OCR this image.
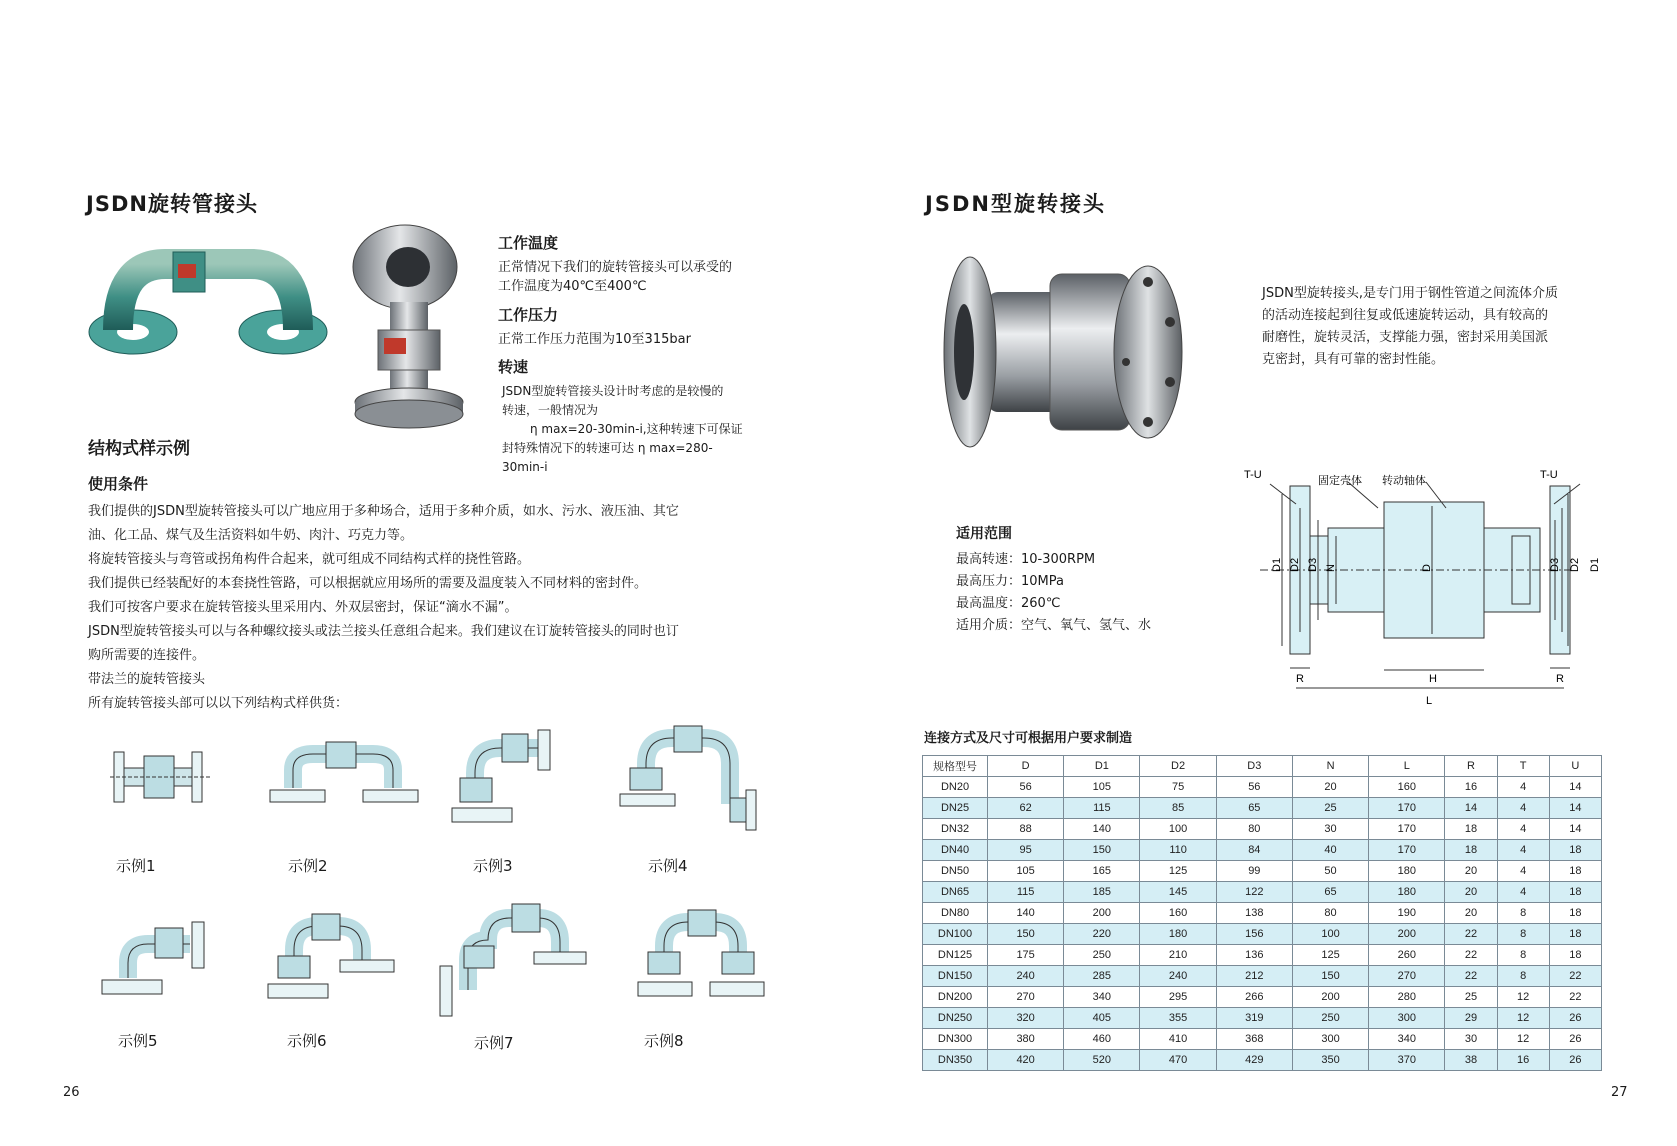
JSDN旋转管接头
工作温度
正常情况下我们的旋转管接头可以承受的
工作温度为40℃至400℃
工作压力
正常工作压力范围为10至315bar
转速
JSDN型旋转管接头设计时考虑的是较慢的
转速，一般情况为
η max=20-30min-i,这种转速下可保证
封特殊情况下的转速可达 η max=280-
30min-i
结构式样示例
使用条件
我们提供的JSDN型旋转管接头可以广地应用于多种场合，适用于多种介质，如水、污水、液压油、其它
油、化工品、煤气及生活资料如牛奶、肉汁、巧克力等。
将旋转管接头与弯管或拐角构件合起来，就可组成不同结构式样的挠性管路。
我们提供已经装配好的本套挠性管路，可以根据就应用场所的需要及温度装入不同材料的密封件。
我们可按客户要求在旋转管接头里采用内、外双层密封，保证“滴水不漏”。
JSDN型旋转管接头可以与各种螺纹接头或法兰接头任意组合起来。我们建议在订旋转管接头的同时也订
购所需要的连接件。
带法兰的旋转管接头
所有旋转管接头部可以以下列结构式样供货：
示例1	示例2	示例3	示例4
示例5	示例6	示例7	示例8
26
JSDN型旋转接头
JSDN型旋转接头,是专门用于钢性管道之间流体介质
的活动连接起到往复或低速旋转运动，具有较高的
耐磨性，旋转灵活，支撑能力强，密封采用美国派
克密封，具有可靠的密封性能。
适用范围
最高转速：10-300RPM
最高压力：10MPa
最高温度：260℃
适用介质：空气、氧气、氢气、水
T-U	T-U
固定壳体 转动轴体
D1 D2 D3 N	D	D3 D2 D1
R	H	R
L
连接方式及尺寸可根据用户要求制造
规格型号	D	D1	D2	D3	N	L	R	T	U
DN20	56	105	75	56	20	160	16	4	14
DN25	62	115	85	65	25	170	14	4	14
DN32	88	140	100	80	30	170	18	4	14
DN40	95	150	110	84	40	170	18	4	18
DN50	105	165	125	99	50	180	20	4	18
DN65	115	185	145	122	65	180	20	4	18
DN80	140	200	160	138	80	190	20	8	18
DN100	150	220	180	156	100	200	22	8	18
DN125	175	250	210	136	125	260	22	8	18
DN150	240	285	240	212	150	270	22	8	22
DN200	270	340	295	266	200	280	25	12	22
DN250	320	405	355	319	250	300	29	12	26
DN300	380	460	410	368	300	340	30	12	26
DN350	420	520	470	429	350	370	38	16	26
27
